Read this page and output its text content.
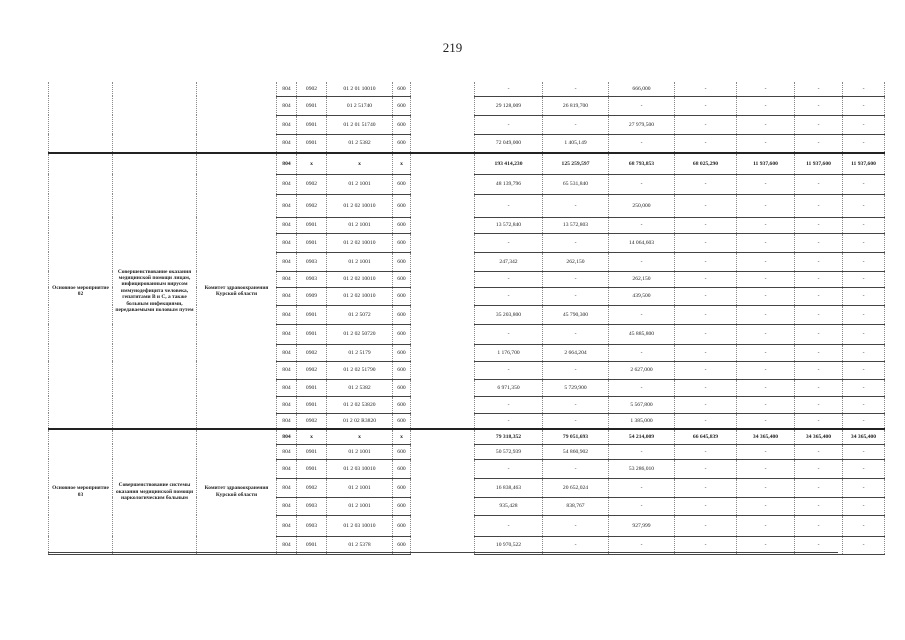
219
			804	0902	01 2 01 10010	600		-	-	666,000	-	-	-	-
			804	0901	01 2 51740	600		29 128,009	26 819,700	-	-	-	-	-
			804	0901	01 2 01 51740	600		-	-	27 979,500	-	-	-	-
			804	0901	01 2 5382	600		72 049,000	1 405,149	-	-	-	-	-
Основное мероприятие 02	Совершенствование оказания медицинской помощи лицам, инфицированным вирусом иммунодефицита человека, гепатитами В и С, а также больным инфекциями, передаваемыми половым путем	Комитет здравоохранения Курской области	804	x	x	x		193 414,230	125 259,597	68 793,853	68 025,290	11 937,600	11 937,600	11 937,600
			804	0902	01 2 1001	600		48 139,796	65 531,840	-	-	-	-	-
			804	0902	01 2 02 10010	600		-	-	250,000	-	-	-	-
			804	0901	01 2 1001	600		13 572,840	13 572,803	-	-	-	-	-
			804	0901	01 2 02 10010	600		-	-	14 064,603	-	-	-	-
			804	0903	01 2 1001	600		247,342	262,150	-	-	-	-	-
			804	0903	01 2 02 10010	600		-	-	262,150	-	-	-	-
			804	0909	01 2 02 10010	600		-	-	439,500	-	-	-	-
			804	0901	01 2 5072	600		35 203,800	45 790,300	-	-	-	-	-
			804	0901	01 2 02 50720	600		-	-	45 885,800	-	-	-	-
			804	0902	01 2 5179	600		1 176,700	2 664,204	-	-	-	-	-
			804	0902	01 2 02 51790	600		-	-	2 627,000	-	-	-	-
			804	0901	01 2 5382	600		6 971,350	5 729,900	-	-	-	-	-
			804	0901	01 2 02 53820	600		-	-	5 567,800	-	-	-	-
			804	0902	01 2 02 R3820	600		-	-	1 385,000	-	-	-	-
Основное мероприятие 03	Совершенствование системы оказания медицинской помощи наркологическим больным	Комитет здравоохранения Курской области	804	x	x	x		79 318,352	79 051,693	54 214,009	66 645,839	34 365,400	34 365,400	34 365,400
			804	0901	01 2 1001	600		50 572,939	54 860,902	-	-	-	-	-
			804	0901	01 2 03 10010	600		-	-	53 286,010	-	-	-	-
			804	0902	01 2 1001	600		16 838,463	20 652,024	-	-	-	-	-
			804	0903	01 2 1001	600		935,428	838,767	-	-	-	-	-
			804	0903	01 2 03 10010	600		-	-	927,999	-	-	-	-
			804	0901	01 2 5378	600		10 970,522	-	-	-	-	-	-
